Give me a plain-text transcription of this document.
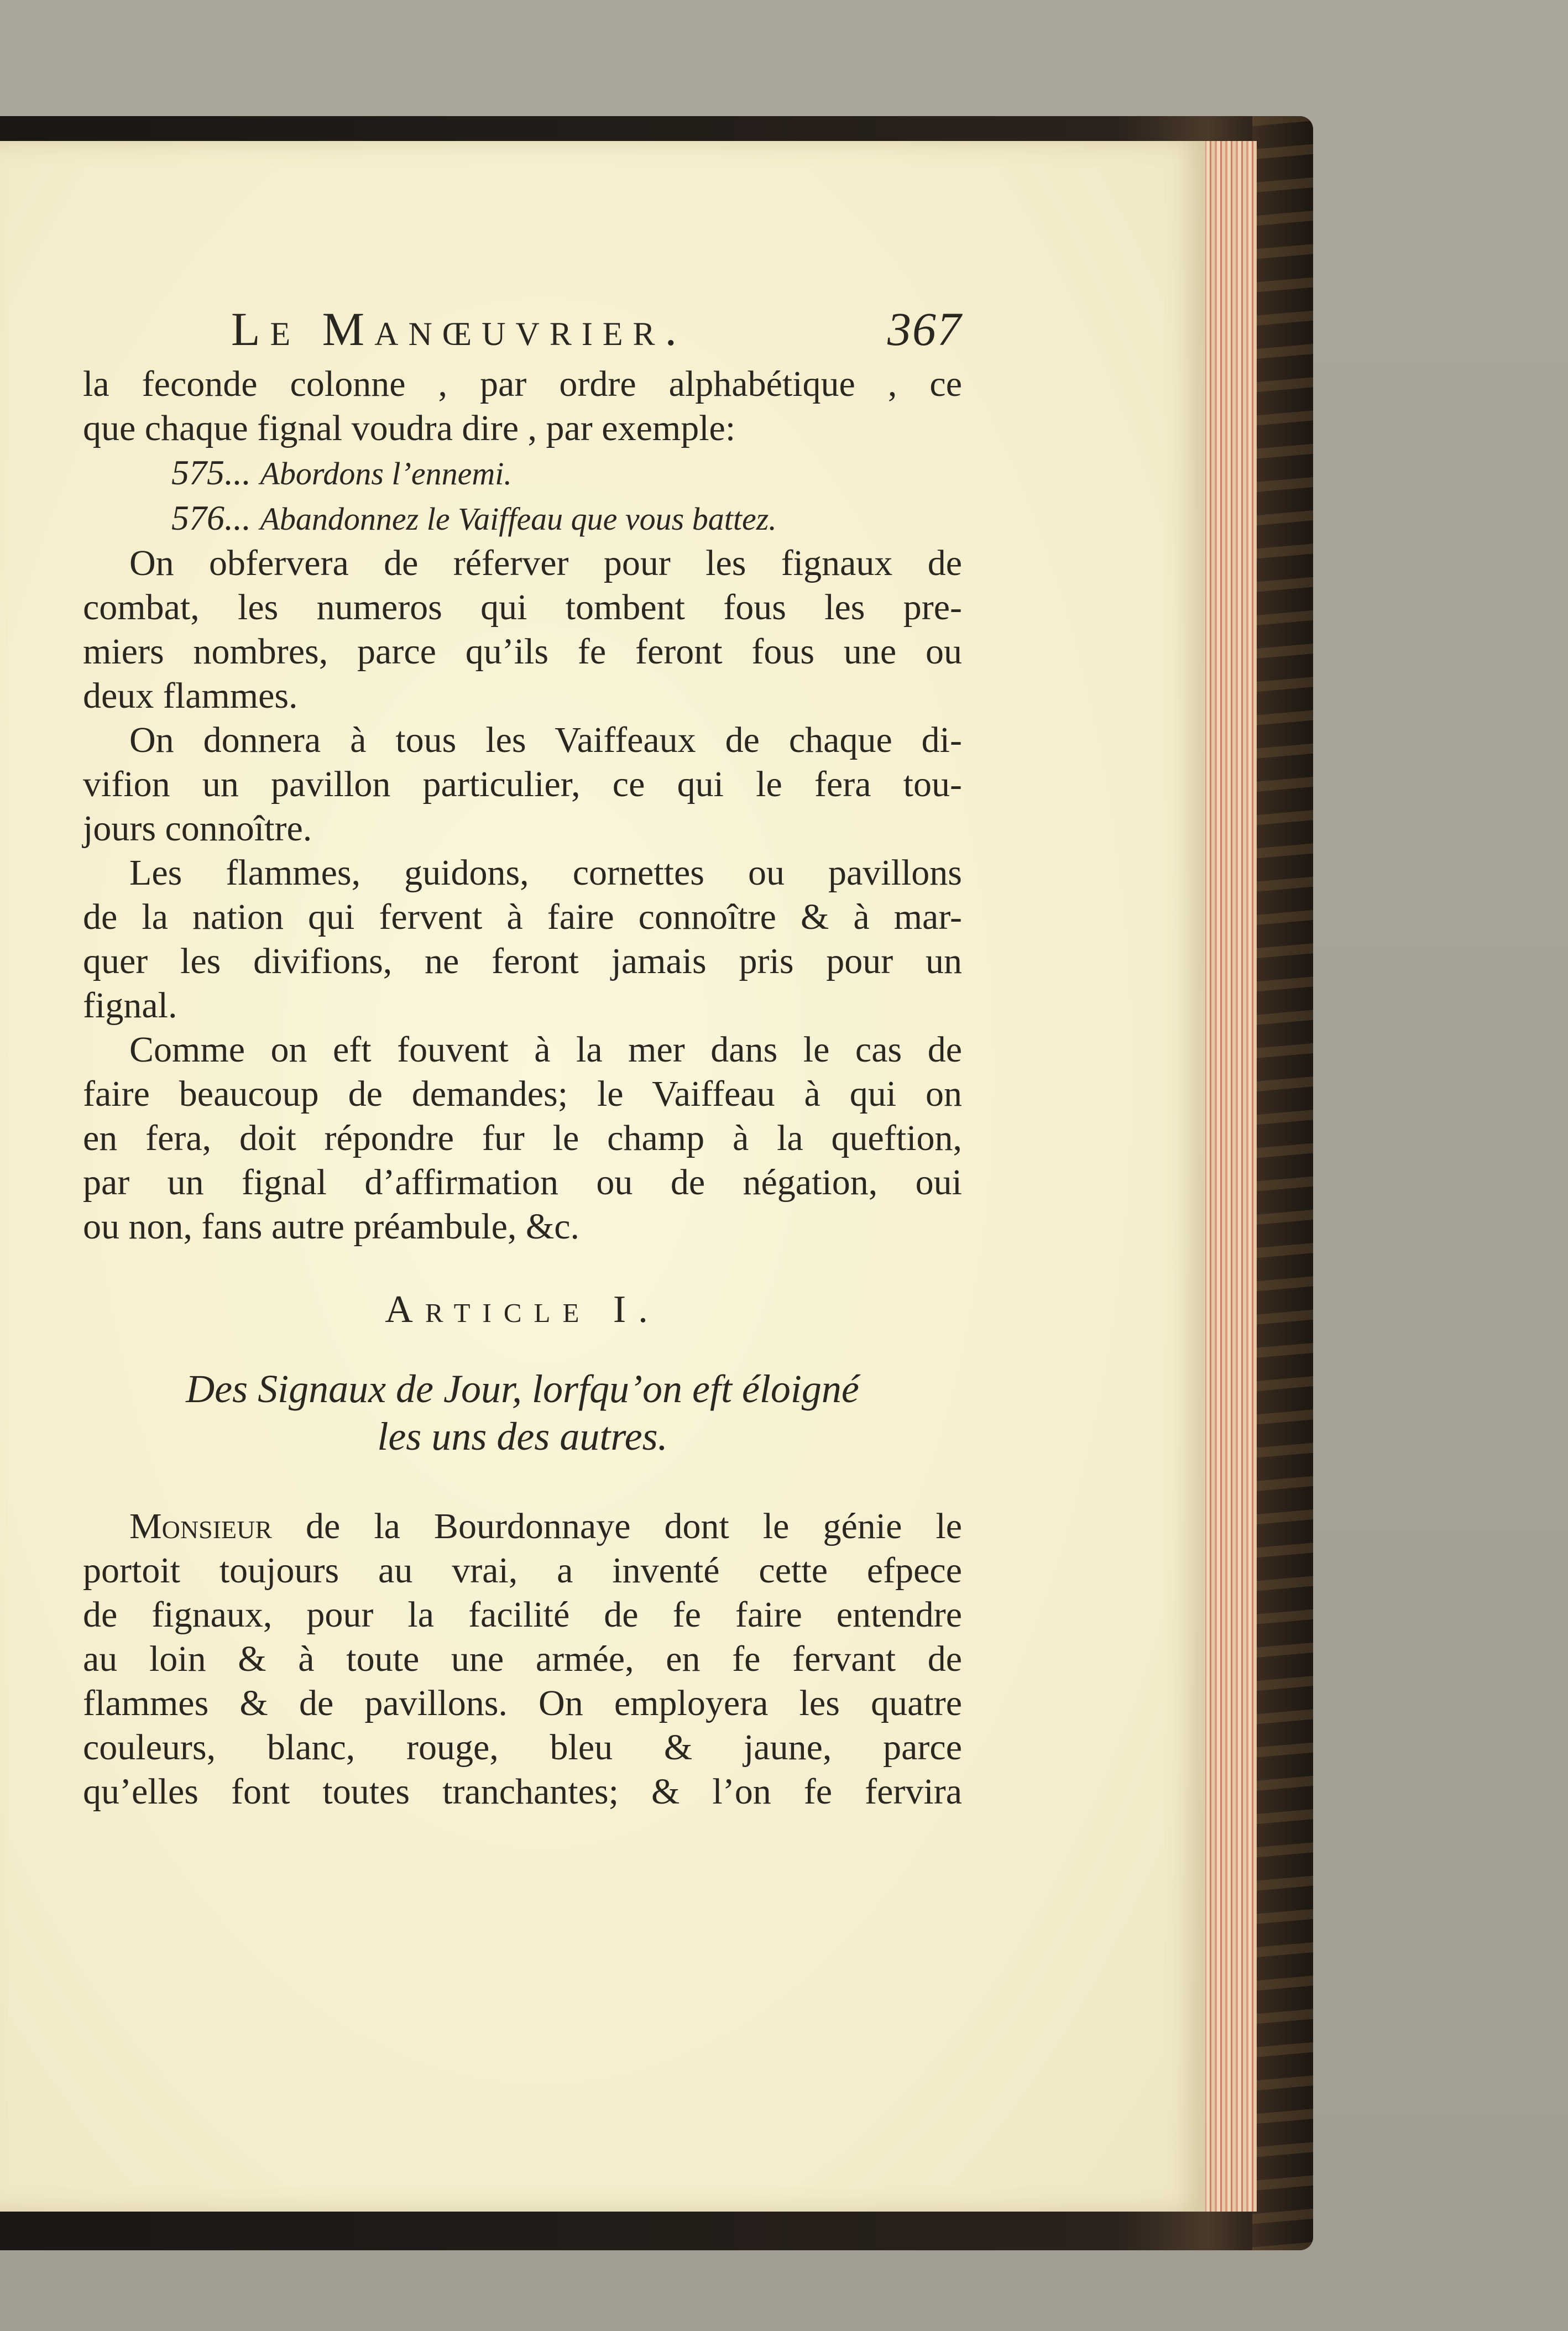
Le Manœuvrier.	367
la feconde colonne , par ordre alphabétique , ce
que chaque fignal voudra dire , par exemple:
575... Abordons l’ennemi.
576... Abandonnez le Vaiffeau que vous battez.
On obfervera de réferver pour les fignaux de
combat, les numeros qui tombent fous les pre-
miers nombres, parce qu’ils fe feront fous une ou
deux flammes.
On donnera à tous les Vaiffeaux de chaque di-
vifion un pavillon particulier, ce qui le fera tou-
jours connoître.
Les flammes, guidons, cornettes ou pavillons
de la nation qui fervent à faire connoître & à mar-
quer les divifions, ne feront jamais pris pour un
fignal.
Comme on eft fouvent à la mer dans le cas de
faire beaucoup de demandes; le Vaiffeau à qui on
en fera, doit répondre fur le champ à la queftion,
par un fignal d’affirmation ou de négation, oui
ou non, fans autre préambule, &c.
Article I.
Des Signaux de Jour, lorfqu’on eft éloigné
les uns des autres.
Monsieur de la Bourdonnaye dont le génie le
portoit toujours au vrai, a inventé cette efpece
de fignaux, pour la facilité de fe faire entendre
au loin & à toute une armée, en fe fervant de
flammes & de pavillons. On employera les quatre
couleurs, blanc, rouge, bleu & jaune, parce
qu’elles font toutes tranchantes; & l’on fe fervira
